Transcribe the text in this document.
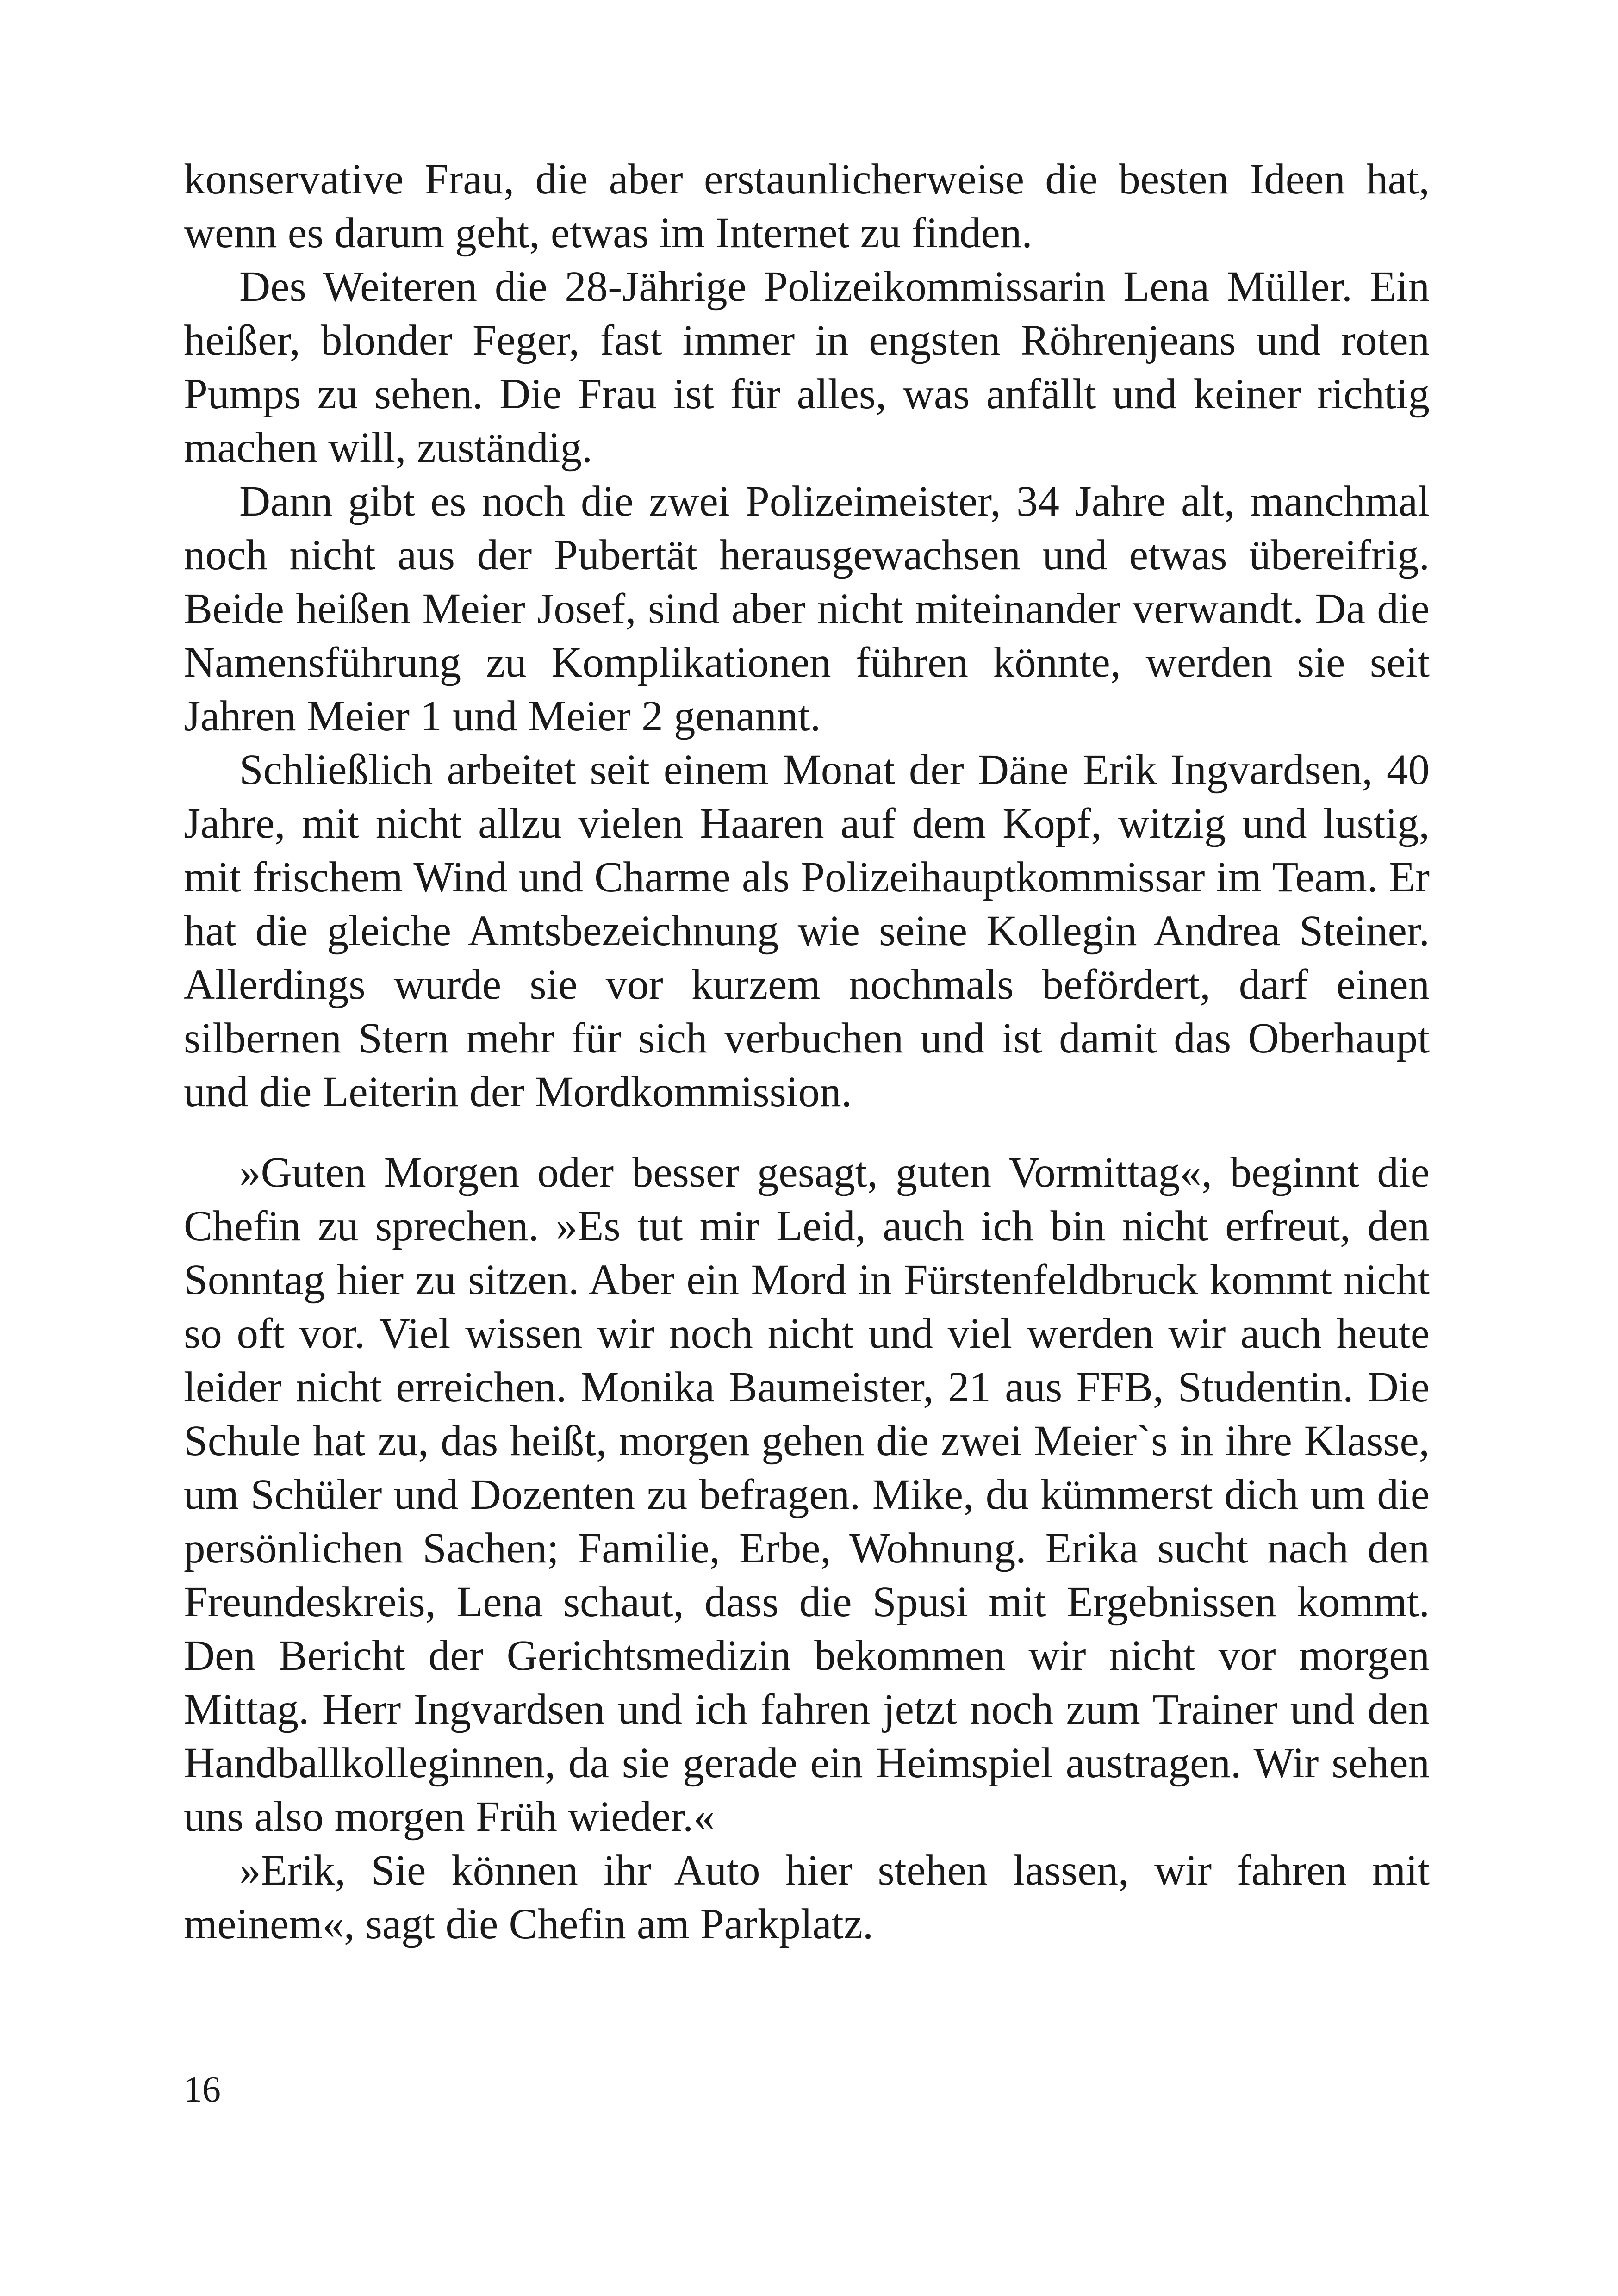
konservative Frau, die aber erstaunlicherweise die besten Ideen hat, wenn es darum geht, etwas im Internet zu finden.

Des Weiteren die 28-Jährige Polizeikommissarin Lena Müller. Ein heißer, blonder Feger, fast immer in engsten Röhrenjeans und roten Pumps zu sehen. Die Frau ist für alles, was anfällt und keiner richtig machen will, zuständig.

Dann gibt es noch die zwei Polizeimeister, 34 Jahre alt, manchmal noch nicht aus der Pubertät herausgewachsen und etwas übereifrig. Beide heißen Meier Josef, sind aber nicht miteinander verwandt. Da die Namensführung zu Komplikationen führen könnte, werden sie seit Jahren Meier 1 und Meier 2 genannt.

Schließlich arbeitet seit einem Monat der Däne Erik Ingvardsen, 40 Jahre, mit nicht allzu vielen Haaren auf dem Kopf, witzig und lustig, mit frischem Wind und Charme als Polizeihauptkommissar im Team. Er hat die gleiche Amtsbezeichnung wie seine Kollegin Andrea Steiner. Allerdings wurde sie vor kurzem nochmals befördert, darf einen silbernen Stern mehr für sich verbuchen und ist damit das Oberhaupt und die Leiterin der Mordkommission.

»Guten Morgen oder besser gesagt, guten Vormittag«, beginnt die Chefin zu sprechen. »Es tut mir Leid, auch ich bin nicht erfreut, den Sonntag hier zu sitzen. Aber ein Mord in Fürstenfeldbruck kommt nicht so oft vor. Viel wissen wir noch nicht und viel werden wir auch heute leider nicht erreichen. Monika Baumeister, 21 aus FFB, Studentin. Die Schule hat zu, das heißt, morgen gehen die zwei Meier`s in ihre Klasse, um Schüler und Dozenten zu befragen. Mike, du kümmerst dich um die persönlichen Sachen; Familie, Erbe, Wohnung. Erika sucht nach den Freundeskreis, Lena schaut, dass die Spusi mit Ergebnissen kommt. Den Bericht der Gerichtsmedizin bekommen wir nicht vor morgen Mittag. Herr Ingvardsen und ich fahren jetzt noch zum Trainer und den Handballkolleginnen, da sie gerade ein Heimspiel austragen. Wir sehen uns also morgen Früh wieder.«

»Erik, Sie können ihr Auto hier stehen lassen, wir fahren mit meinem«, sagt die Chefin am Parkplatz.

16
